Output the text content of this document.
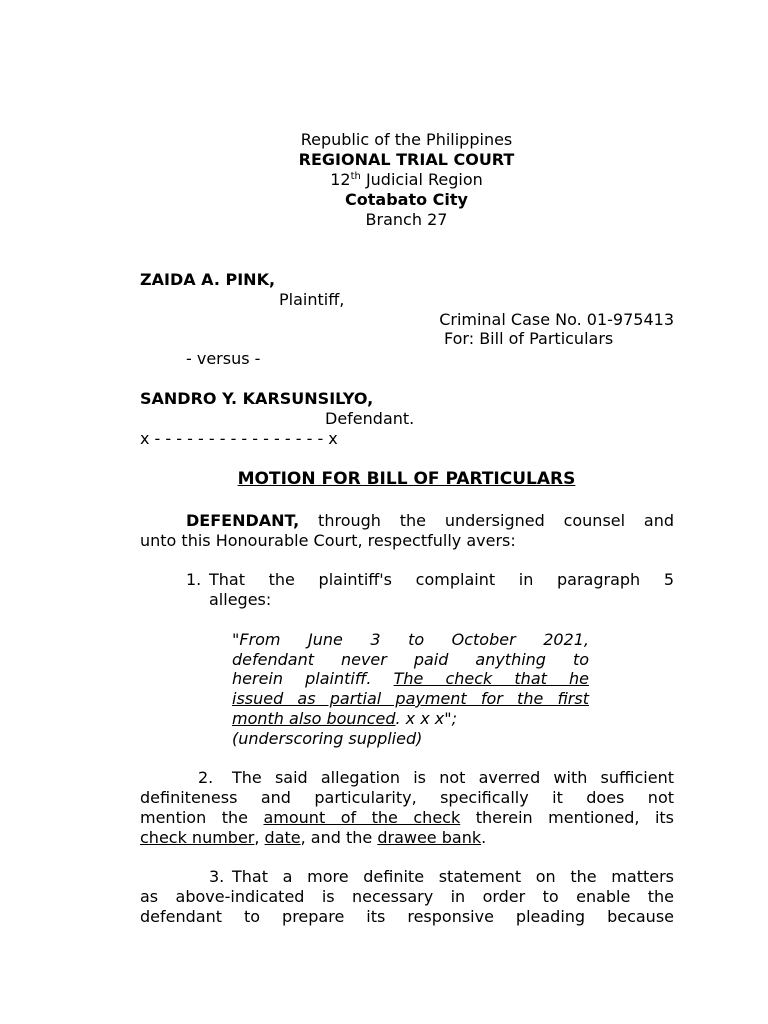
Republic of the Philippines
REGIONAL TRIAL COURT
12th Judicial Region
Cotabato City
Branch 27
ZAIDA A. PINK,
Plaintiff,
Criminal Case No. 01-975413
For: Bill of Particulars
- versus -
SANDRO Y. KARSUNSILYO,
Defendant.
x - - - - - - - - - - - - - - - - x
MOTION FOR BILL OF PARTICULARS
DEFENDANT, through the undersigned counsel and
unto this Honourable Court, respectfully avers:
1. That the plaintiff's complaint in paragraph 5
alleges:
"From June 3 to October 2021,
defendant never paid anything to
herein plaintiff. The check that he
issued as partial payment for the first
month also bounced. x x x";
(underscoring supplied)
2. The said allegation is not averred with sufficient
definiteness and particularity, specifically it does not
mention the amount of the check therein mentioned, its
check number, date, and the drawee bank.
3. That a more definite statement on the matters
as above-indicated is necessary in order to enable the
defendant to prepare its responsive pleading because
